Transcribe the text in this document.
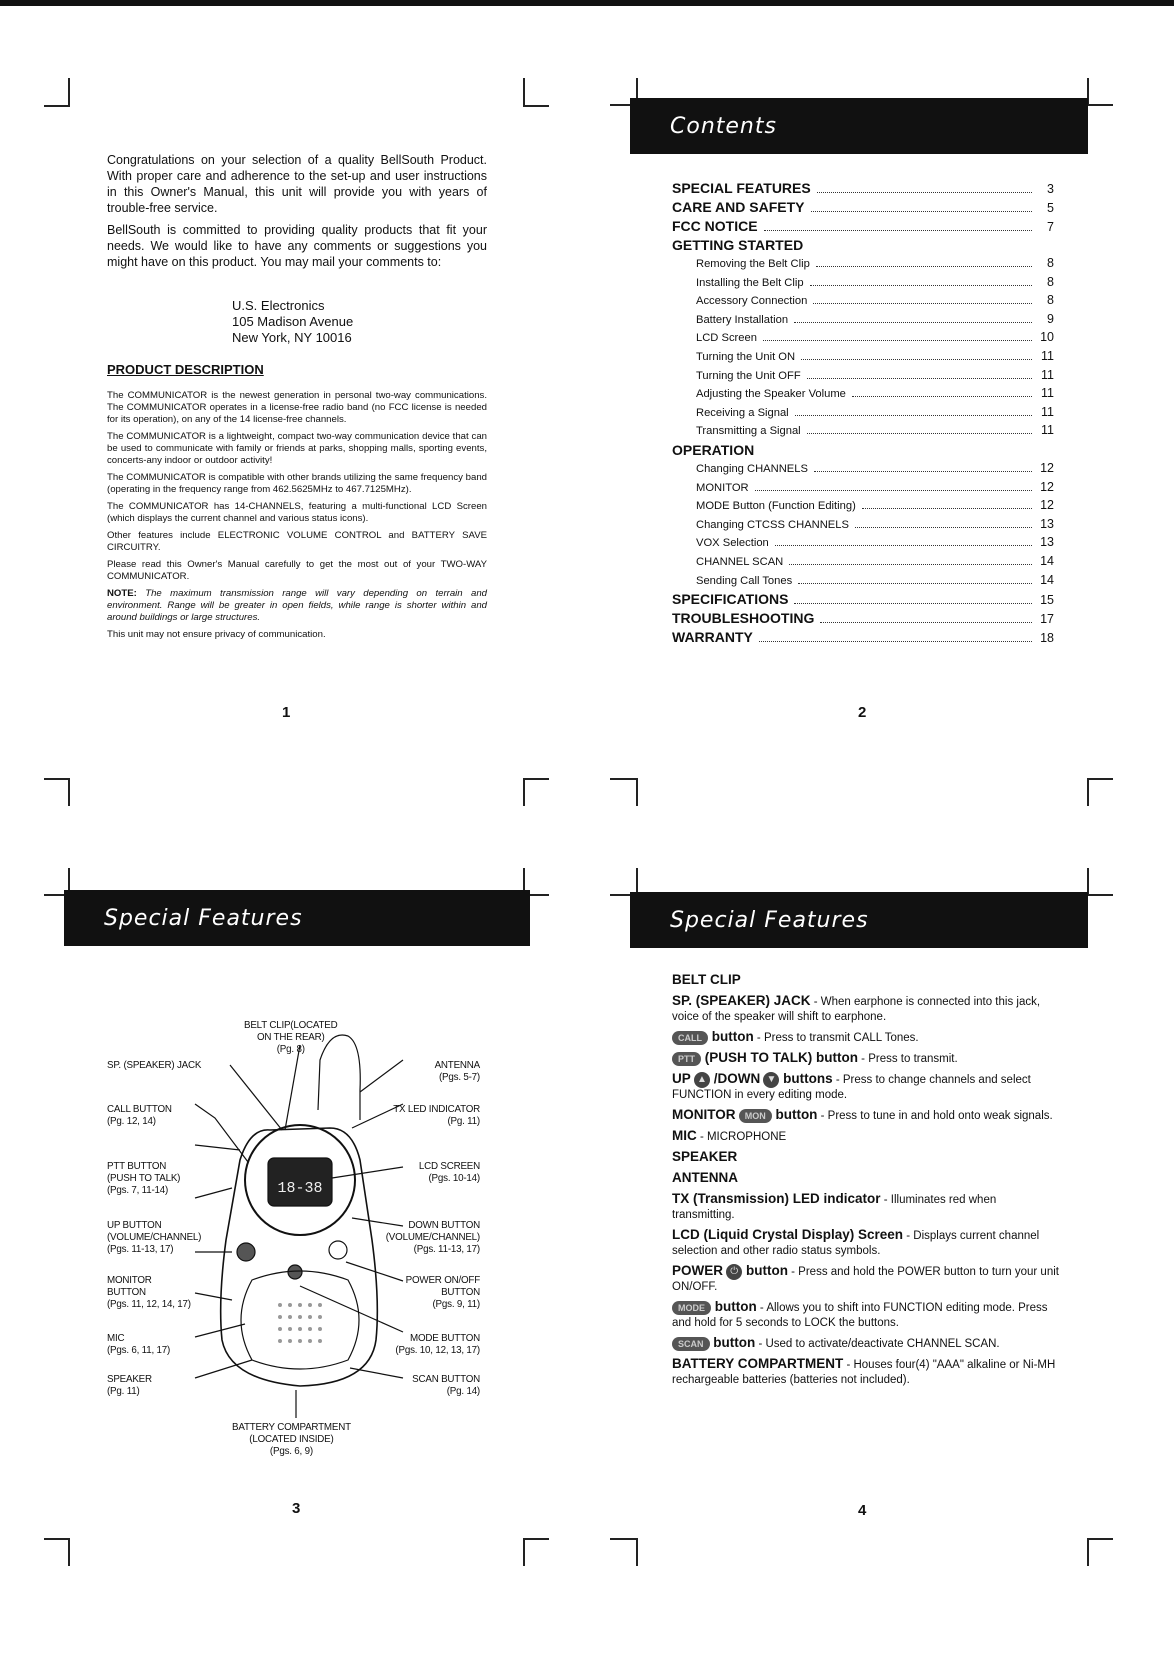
Congratulations on your selection of a quality BellSouth Product. With proper care and adherence to the set-up and user instructions in this Owner's Manual, this unit will provide you with years of trouble-free service.

BellSouth is committed to providing quality products that fit your needs. We would like to have any comments or suggestions you might have on this product. You may mail your comments to:

U.S. Electronics
105 Madison Avenue
New York, NY 10016
PRODUCT DESCRIPTION

The COMMUNICATOR is the newest generation in personal two-way communications. The COMMUNICATOR operates in a license-free radio band (no FCC license is needed for its operation), on any of the 14 license-free channels.

The COMMUNICATOR is a lightweight, compact two-way communication device that can be used to communicate with family or friends at parks, shopping malls, sporting events, concerts-any indoor or outdoor activity!

The COMMUNICATOR is compatible with other brands utilizing the same frequency band (operating in the frequency range from 462.5625MHz to 467.7125MHz).

The COMMUNICATOR has 14-CHANNELS, featuring a multi-functional LCD Screen (which displays the current channel and various status icons).

Other features include ELECTRONIC VOLUME CONTROL and BATTERY SAVE CIRCUITRY.

Please read this Owner's Manual carefully to get the most out of your TWO-WAY COMMUNICATOR.

NOTE: The maximum transmission range will vary depending on terrain and environment. Range will be greater in open fields, while range is shorter within and around buildings or large structures.

This unit may not ensure privacy of communication.

1
Contents
SPECIAL FEATURES	3
CARE AND SAFETY	5
FCC NOTICE	7
GETTING STARTED
Removing the Belt Clip	8
Installing the Belt Clip	8
Accessory Connection	8
Battery Installation	9
LCD Screen	10
Turning the Unit ON	11
Turning the Unit OFF	11
Adjusting the Speaker Volume	11
Receiving a Signal	11
Transmitting a Signal	11
OPERATION
Changing CHANNELS	12
MONITOR	12
MODE Button (Function Editing)	12
Changing CTCSS CHANNELS	13
VOX Selection	13
CHANNEL SCAN	14
Sending Call Tones	14
SPECIFICATIONS	15
TROUBLESHOOTING	17
WARRANTY	18
2
Special Features
18-38
BELT CLIP(LOCATED
ON THE REAR)
(Pg. 8)
SP. (SPEAKER) JACK	ANTENNA
(Pgs. 5-7)
CALL BUTTON
(Pg. 12, 14)
TX LED INDICATOR
(Pg. 11)
PTT BUTTON
(PUSH TO TALK)
(Pgs. 7, 11-14)
LCD SCREEN
(Pgs. 10-14)
UP BUTTON
(VOLUME/CHANNEL)
(Pgs. 11-13, 17)
DOWN BUTTON
(VOLUME/CHANNEL)
(Pgs. 11-13, 17)
MONITOR
BUTTON
(Pgs. 11, 12, 14, 17)
POWER ON/OFF
BUTTON
(Pgs. 9, 11)
MIC
(Pgs. 6, 11, 17)
MODE BUTTON
(Pgs. 10, 12, 13, 17)
SPEAKER
(Pg. 11)
SCAN BUTTON
(Pg. 14)
BATTERY COMPARTMENT
(LOCATED INSIDE)
(Pgs. 6, 9)
3
Special Features
BELT CLIP
SP. (SPEAKER) JACK - When earphone is connected into this jack, voice of the speaker will shift to earphone.
CALL button - Press to transmit CALL Tones.
PTT (PUSH TO TALK) button - Press to transmit.
UP ▲ /DOWN ▼ buttons - Press to change channels and select FUNCTION in every editing mode.
MONITOR MON button - Press to tune in and hold onto weak signals.
MIC - MICROPHONE
SPEAKER
ANTENNA
TX (Transmission) LED indicator - Illuminates red when transmitting.
LCD (Liquid Crystal Display) Screen - Displays current channel selection and other radio status symbols.
POWER ⏻ button - Press and hold the POWER button to turn your unit ON/OFF.
MODE button - Allows you to shift into FUNCTION editing mode. Press and hold for 5 seconds to LOCK the buttons.
SCAN button - Used to activate/deactivate CHANNEL SCAN.
BATTERY COMPARTMENT - Houses four(4) "AAA" alkaline or Ni-MH rechargeable batteries (batteries not included).
4
